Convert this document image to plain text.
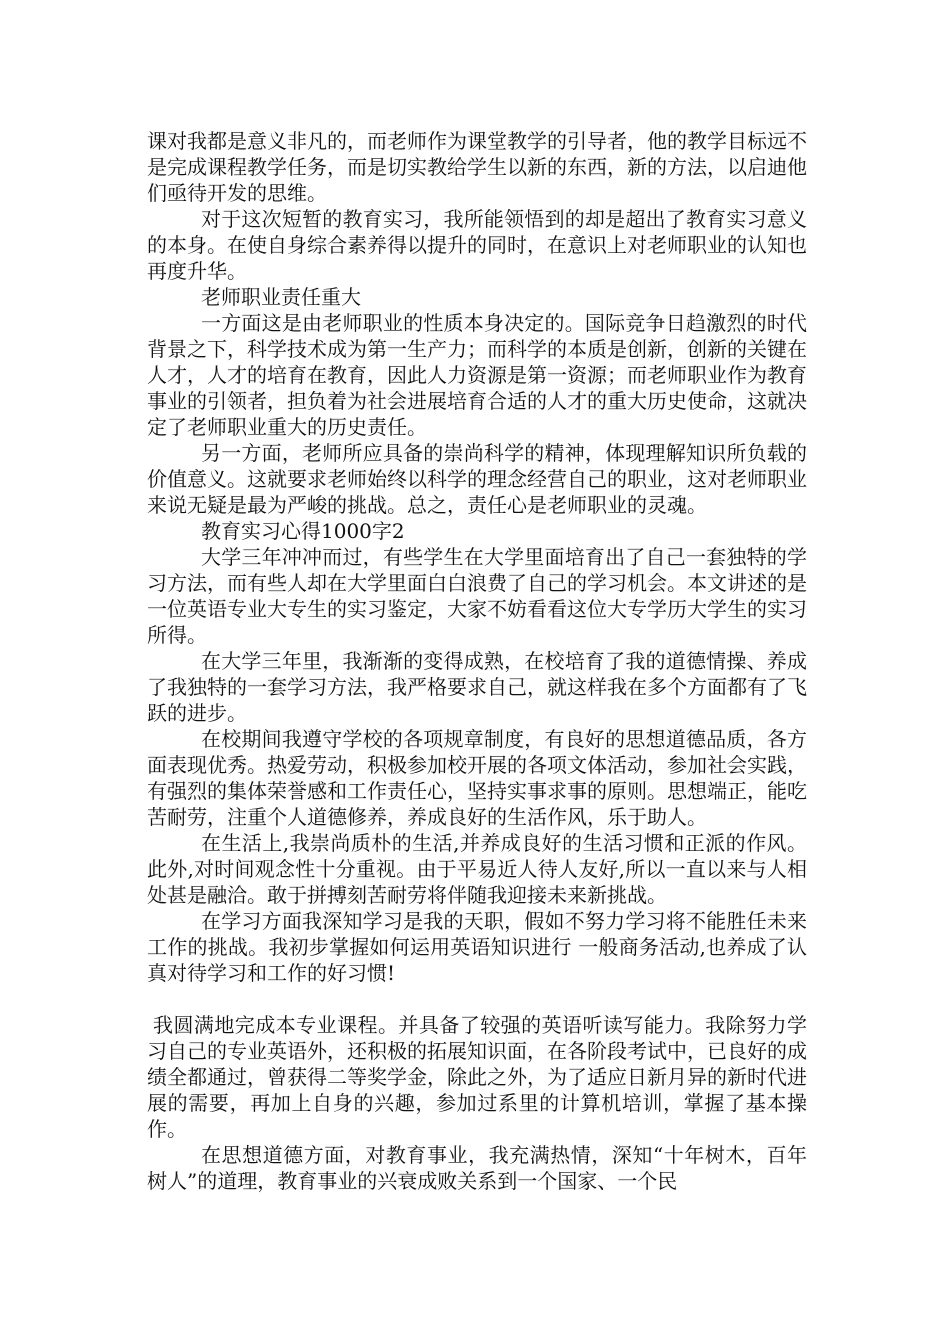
课对我都是意义非凡的，而老师作为课堂教学的引导者，他的教学目标远不是完成课程教学任务，而是切实教给学生以新的东西，新的方法，以启迪他们亟待开发的思维。

对于这次短暂的教育实习，我所能领悟到的却是超出了教育实习意义的本身。在使自身综合素养得以提升的同时，在意识上对老师职业的认知也再度升华。

老师职业责任重大

一方面这是由老师职业的性质本身决定的。国际竞争日趋激烈的时代背景之下，科学技术成为第一生产力；而科学的本质是创新，创新的关键在人才，人才的培育在教育，因此人力资源是第一资源；而老师职业作为教育事业的引领者，担负着为社会进展培育合适的人才的重大历史使命，这就决定了老师职业重大的历史责任。

另一方面，老师所应具备的崇尚科学的精神，体现理解知识所负载的价值意义。这就要求老师始终以科学的理念经营自己的职业，这对老师职业来说无疑是最为严峻的挑战。总之，责任心是老师职业的灵魂。

教育实习心得1000字2

大学三年冲冲而过，有些学生在大学里面培育出了自己一套独特的学习方法，而有些人却在大学里面白白浪费了自己的学习机会。本文讲述的是一位英语专业大专生的实习鉴定，大家不妨看看这位大专学历大学生的实习所得。

在大学三年里，我渐渐的变得成熟，在校培育了我的道德情操、养成了我独特的一套学习方法，我严格要求自己，就这样我在多个方面都有了飞跃的进步。

在校期间我遵守学校的各项规章制度，有良好的思想道德品质，各方面表现优秀。热爱劳动，积极参加校开展的各项文体活动，参加社会实践，有强烈的集体荣誉感和工作责任心，坚持实事求事的原则。思想端正，能吃苦耐劳，注重个人道德修养，养成良好的生活作风，乐于助人。

在生活上,我崇尚质朴的生活,并养成良好的生活习惯和正派的作风。此外,对时间观念性十分重视。由于平易近人待人友好,所以一直以来与人相处甚是融洽。敢于拼搏刻苦耐劳将伴随我迎接未来新挑战。

在学习方面我深知学习是我的天职，假如不努力学习将不能胜任未来工作的挑战。我初步掌握如何运用英语知识进行 一般商务活动,也养成了认真对待学习和工作的好习惯!

我圆满地完成本专业课程。并具备了较强的英语听读写能力。我除努力学习自己的专业英语外，还积极的拓展知识面，在各阶段考试中，已良好的成绩全都通过，曾获得二等奖学金，除此之外，为了适应日新月异的新时代进展的需要，再加上自身的兴趣，参加过系里的计算机培训，掌握了基本操作。

在思想道德方面，对教育事业，我充满热情，深知“十年树木，百年树人”的道理，教育事业的兴衰成败关系到一个国家、一个民
